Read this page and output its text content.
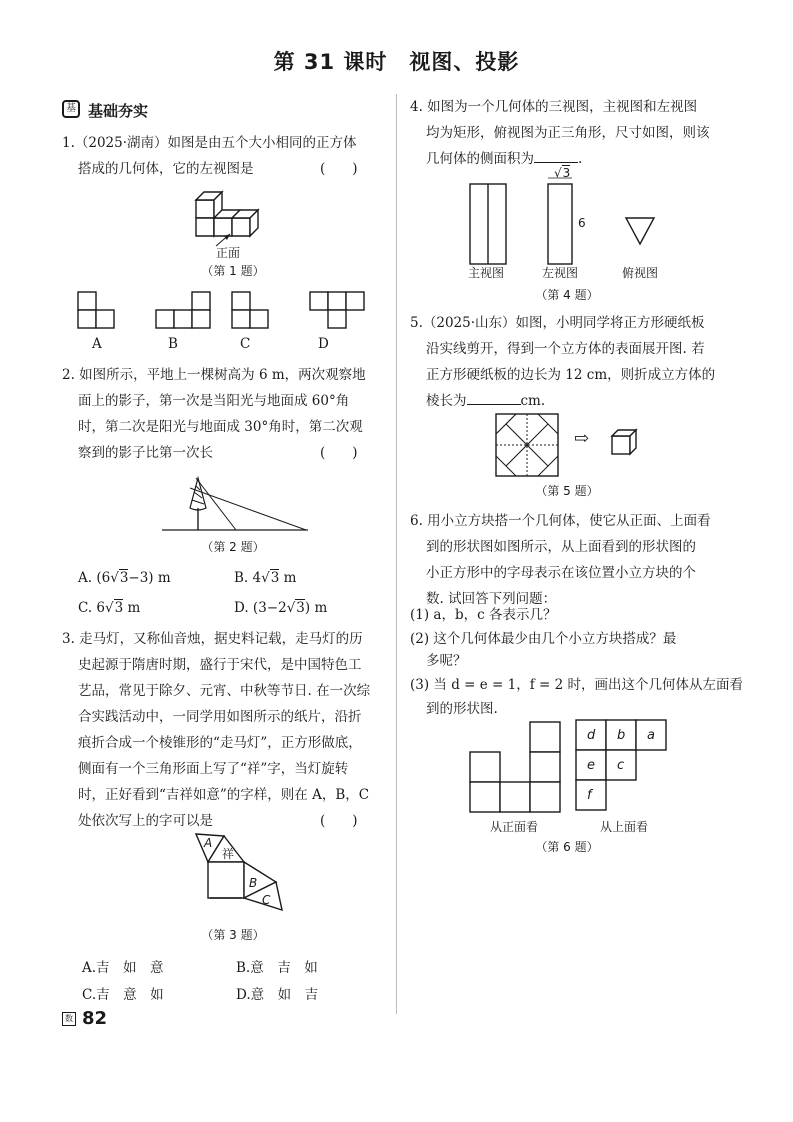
第 31 课时　视图、投影
基 基础夯实
1.（2025·湖南）如图是由五个大小相同的正方体
搭成的几何体，它的左视图是	(　　)
正面
（第 1 题）
A	B	C	D
2. 如图所示，平地上一棵树高为 6 m，两次观察地
面上的影子，第一次是当阳光与地面成 60°角
时，第二次是阳光与地面成 30°角时，第二次观
察到的影子比第一次长	(　　)
（第 2 题）
A. (6√3−3) m	B. 4√3 m
C. 6√3 m	D. (3−2√3) m
3. 走马灯，又称仙音烛，据史料记载，走马灯的历
史起源于隋唐时期，盛行于宋代，是中国特色工
艺品，常见于除夕、元宵、中秋等节日. 在一次综
合实践活动中，一同学用如图所示的纸片，沿折
痕折合成一个棱锥形的“走马灯”，正方形做底，
侧面有一个三角形面上写了“祥”字，当灯旋转
时，正好看到“吉祥如意”的字样，则在 A，B，C
处依次写上的字可以是	(　　)
A
祥
B
C
（第 3 题）
A.吉　如　意	B.意　吉　如
C.吉　意　如	D.意　如　吉
4. 如图为一个几何体的三视图，主视图和左视图
均为矩形，俯视图为正三角形，尺寸如图，则该
几何体的侧面积为	.
√3
6
主视图	左视图	俯视图
（第 4 题）
5.（2025·山东）如图，小明同学将正方形硬纸板
沿实线剪开，得到一个立方体的表面展开图. 若
正方形硬纸板的边长为 12 cm，则折成立方体的
棱长为	cm.
⇨
（第 5 题）
6. 用小立方块搭一个几何体，使它从正面、上面看
到的形状图如图所示，从上面看到的形状图的
小正方形中的字母表示在该位置小立方块的个
数. 试回答下列问题：
(1) a，b，c 各表示几？
(2) 这个几何体最少由几个小立方块搭成？最
多呢？
(3) 当 d = e = 1，f = 2 时，画出这个几何体从左面看
到的形状图.
d b a
e c
f
从正面看	从上面看
（第 6 题）
数 82
